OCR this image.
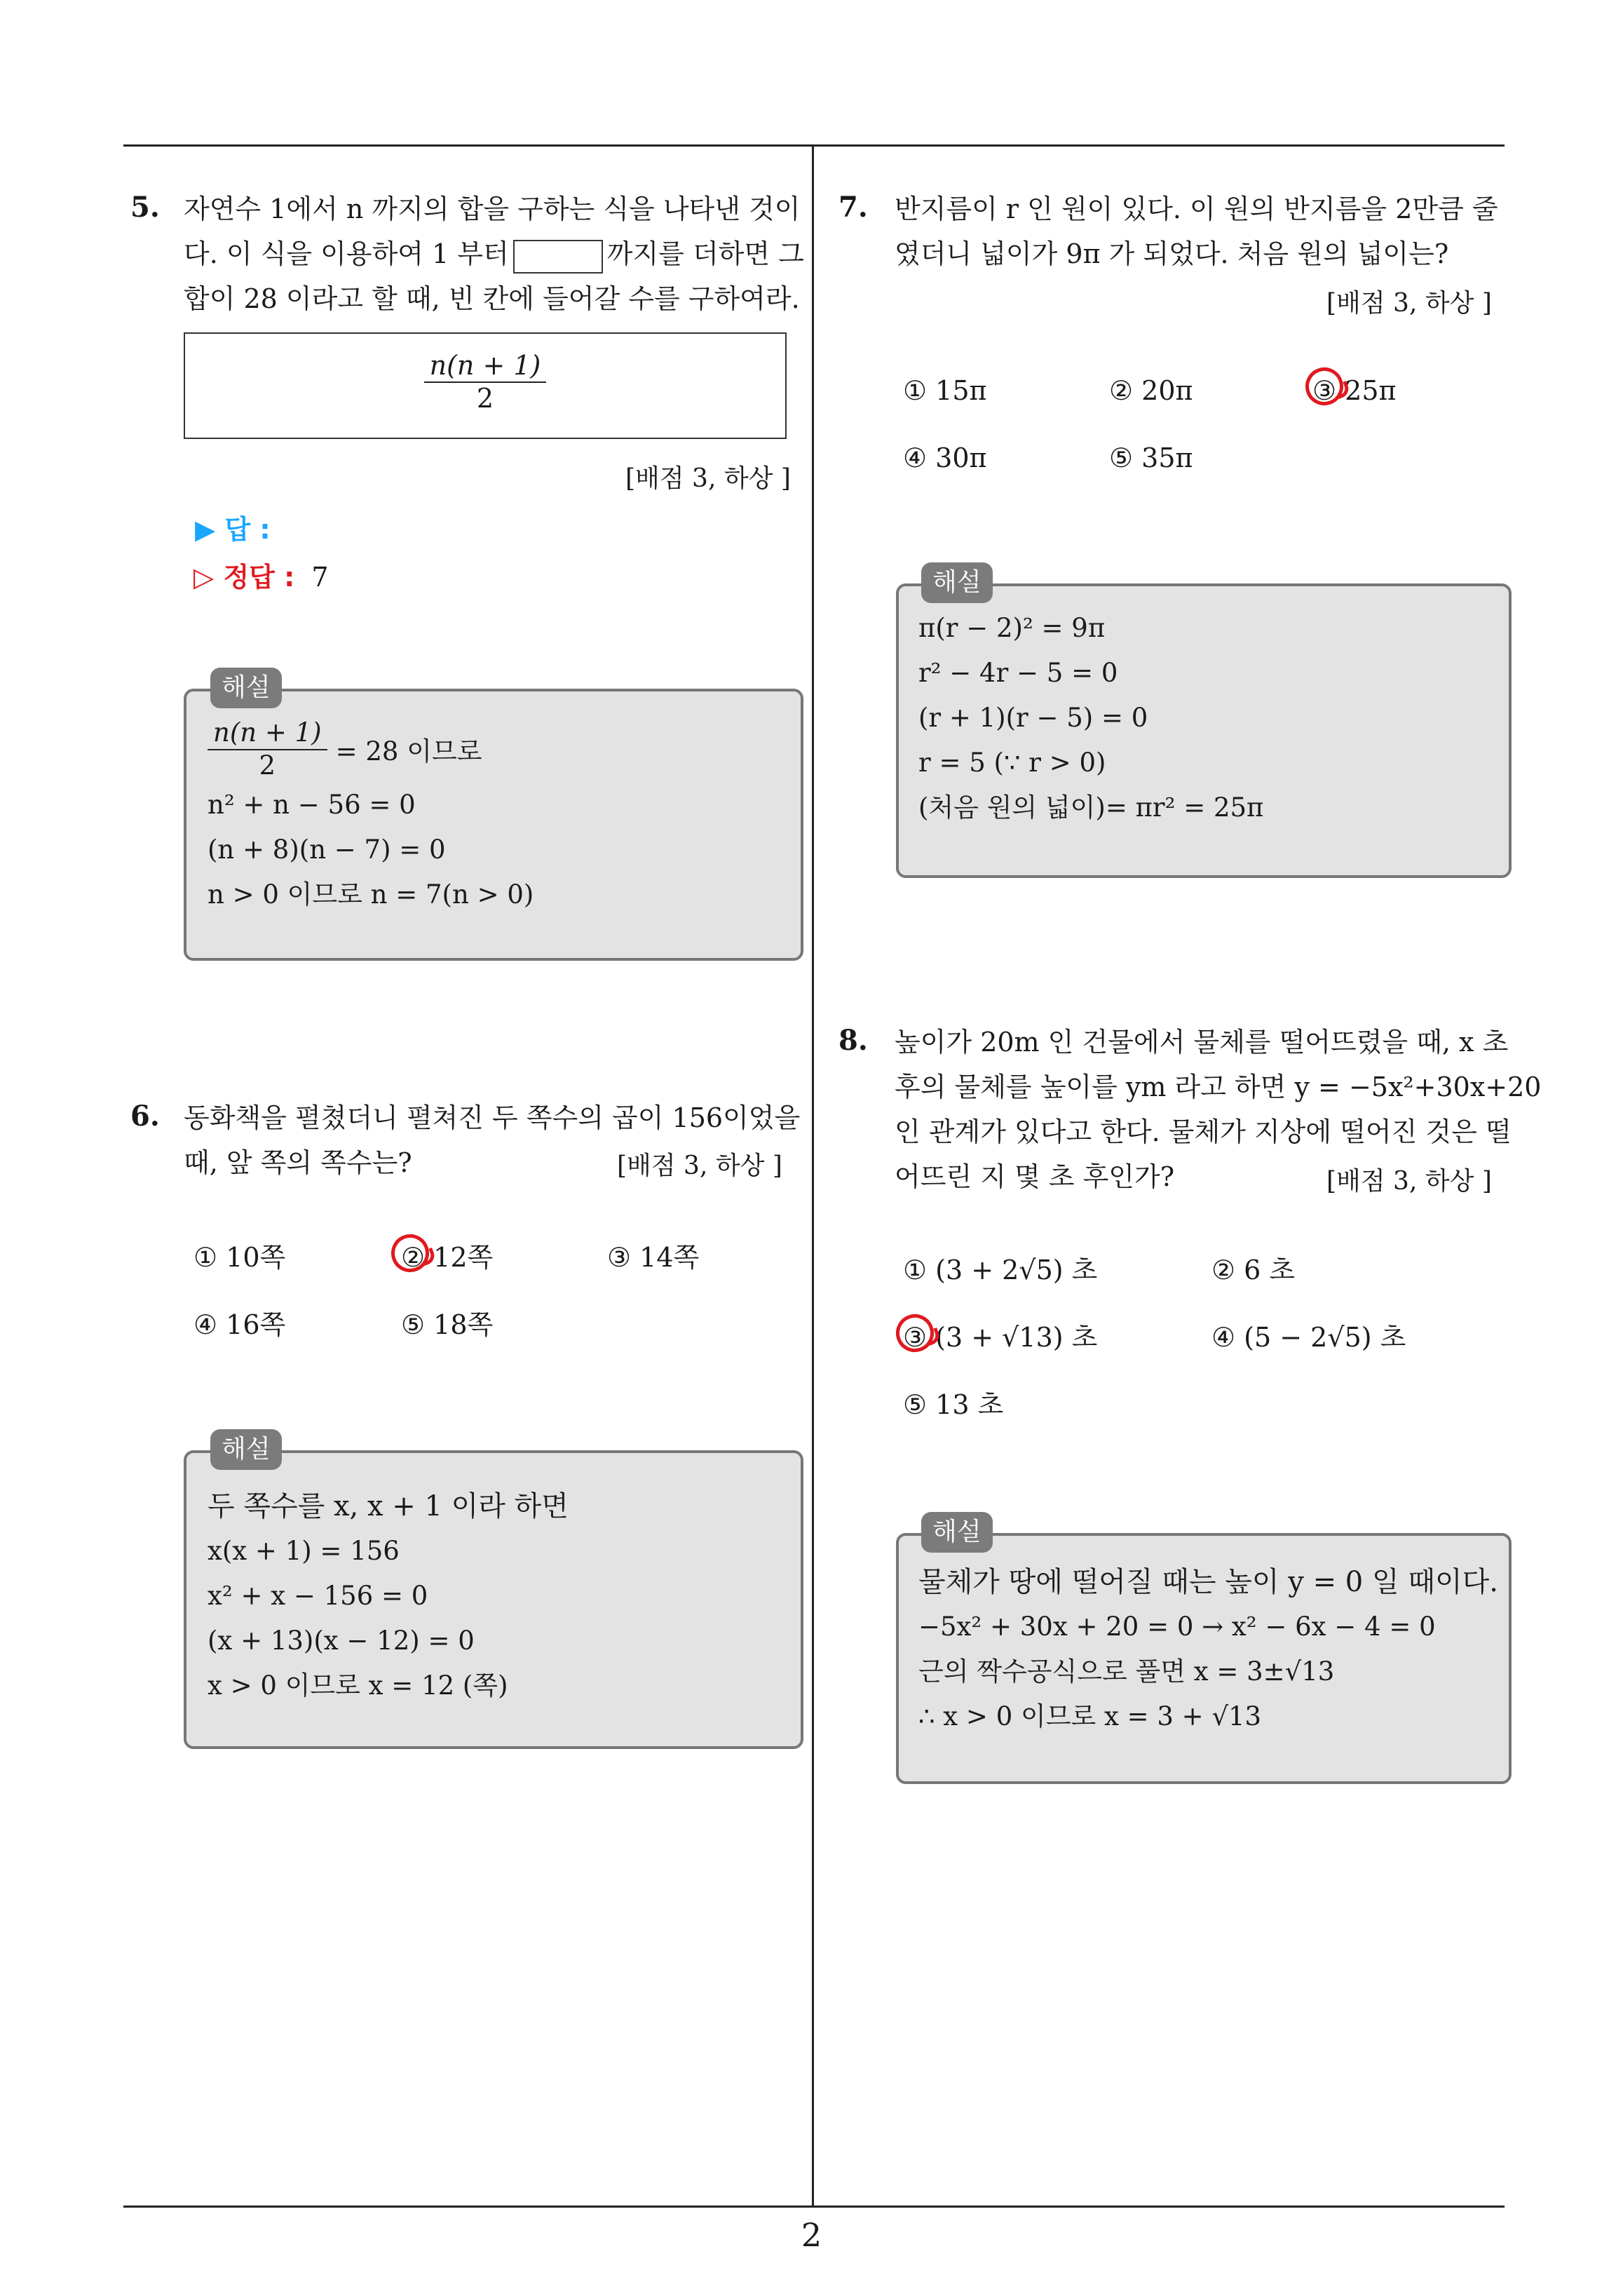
2
5. 자연수 1에서 n 까지의 합을 구하는 식을 나타낸 것이
다. 이 식을 이용하여 1 부터	까지를 더하면 그
합이 28 이라고 할 때, 빈 칸에 들어갈 수를 구하여라.
$\frac{n(n + 1)}{2}$
[배점 3, 하상 ]
▶ 답 :
▷ 정답 : 7
$\frac{n(n + 1)}{2} = 28$ 이므로
n² + n − 56 = 0
(n + 8)(n − 7) = 0
n > 0 이므로 n = 7(n > 0)
해설
6. 동화책을 펼쳤더니 펼쳐진 두 쪽수의 곱이 156이었을
때, 앞 쪽의 쪽수는?	[배점 3, 하상 ]
① 10쪽	② 12쪽	③ 14쪽
④ 16쪽	⑤ 18쪽
두 쪽수를 x, x + 1 이라 하면
x(x + 1) = 156
x² + x − 156 = 0
(x + 13)(x − 12) = 0
x > 0 이므로 x = 12 (쪽)
해설
7. 반지름이 r 인 원이 있다. 이 원의 반지름을 2만큼 줄
였더니 넓이가 9π 가 되었다. 처음 원의 넓이는?
[배점 3, 하상 ]
① 15π	② 20π	③ 25π
④ 30π	⑤ 35π
π(r − 2)² = 9π
r² − 4r − 5 = 0
(r + 1)(r − 5) = 0
r = 5 (∵ r > 0)
(처음 원의 넓이)= πr² = 25π
해설
8. 높이가 20m 인 건물에서 물체를 떨어뜨렸을 때, x 초
후의 물체를 높이를 ym 라고 하면 y = −5x²+30x+20
인 관계가 있다고 한다. 물체가 지상에 떨어진 것은 떨
어뜨린 지 몇 초 후인가?	[배점 3, 하상 ]
① (3 + 2√5) 초	② 6 초
③ (3 + √13) 초	④ (5 − 2√5) 초
⑤ 13 초
물체가 땅에 떨어질 때는 높이 y = 0 일 때이다.
−5x² + 30x + 20 = 0 → x² − 6x − 4 = 0
근의 짝수공식으로 풀면 x = 3±√13
∴ x > 0 이므로 x = 3 + √13
해설
